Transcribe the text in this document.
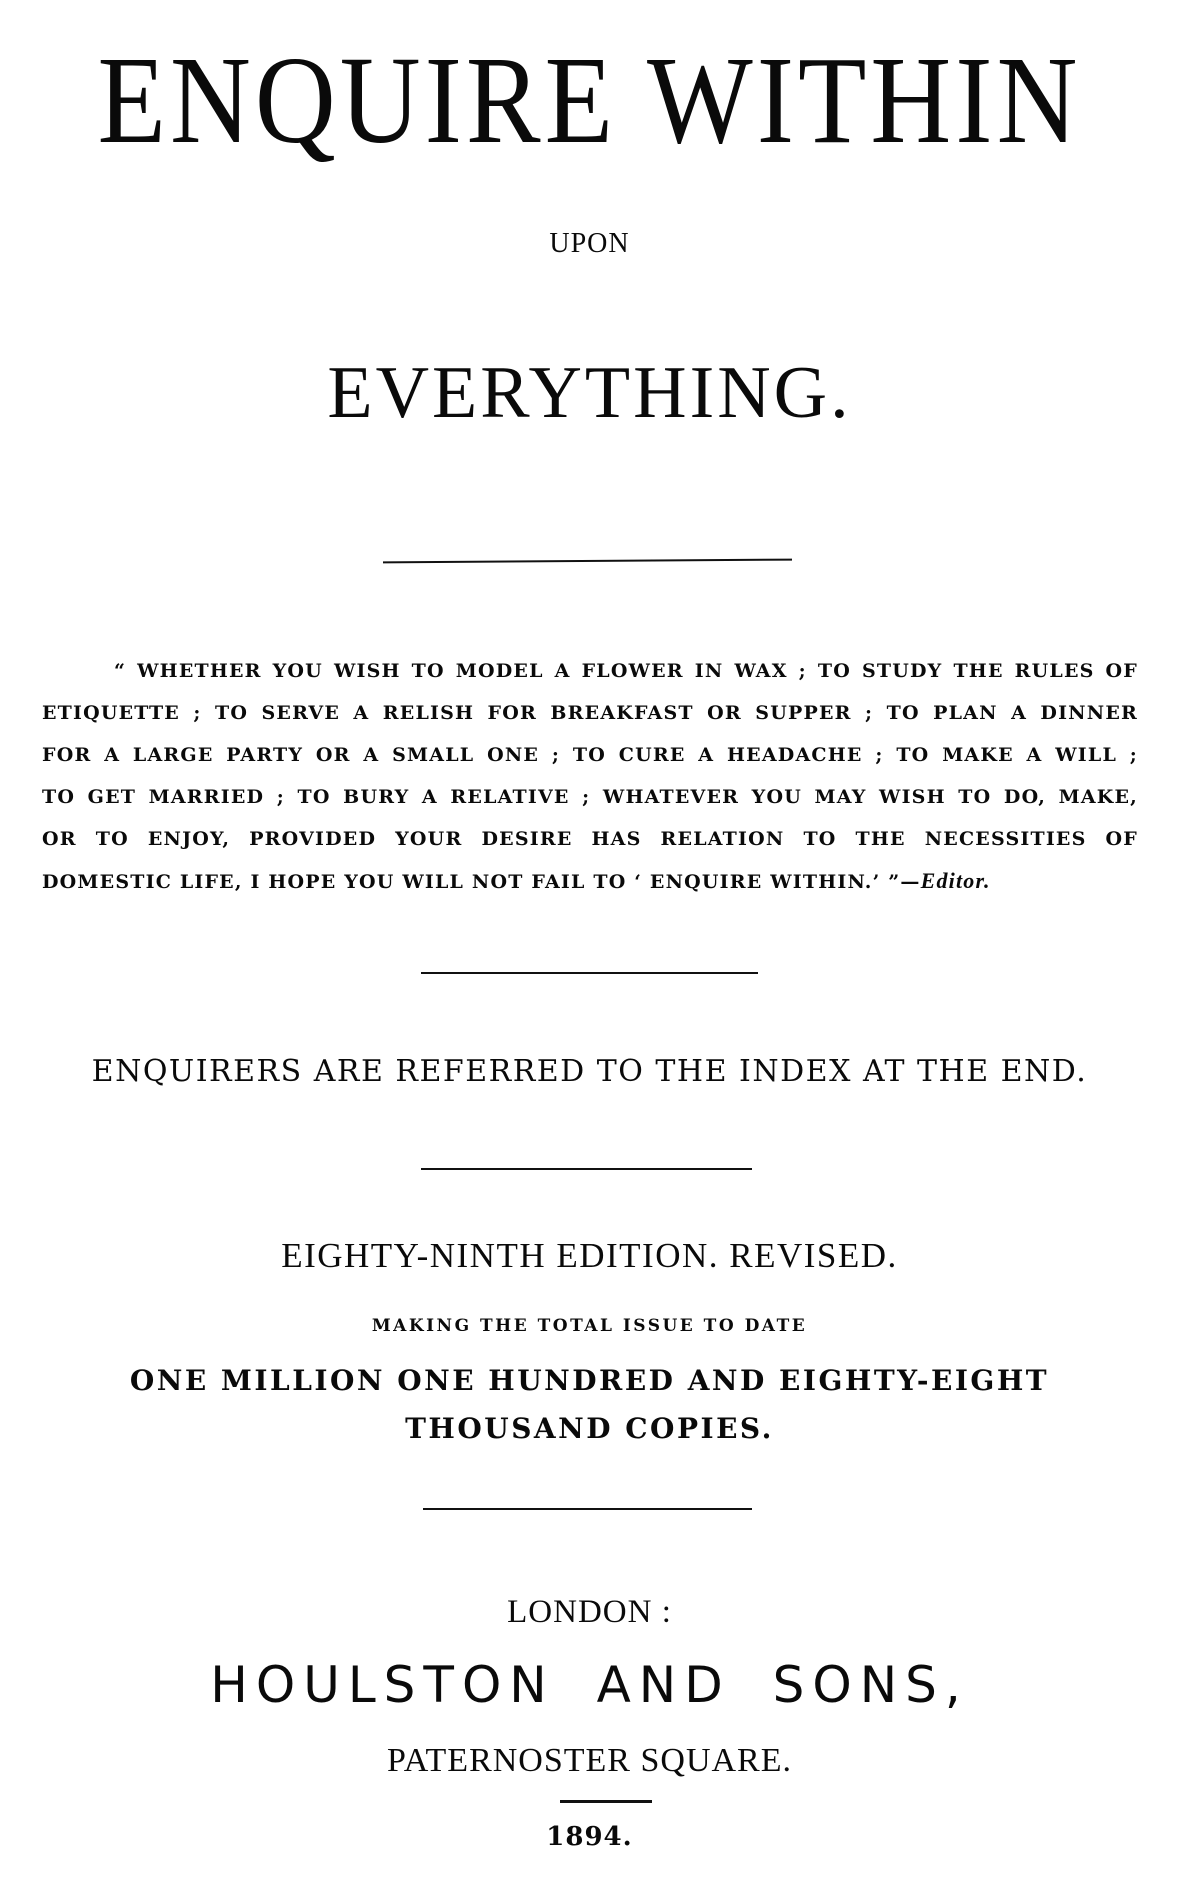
ENQUIRE WITHIN
UPON
EVERYTHING.
“ WHETHER YOU WISH TO MODEL A FLOWER IN WAX ; TO STUDY THE RULES OF
ETIQUETTE ; TO SERVE A RELISH FOR BREAKFAST OR SUPPER ; TO PLAN A DINNER
FOR A LARGE PARTY OR A SMALL ONE ; TO CURE A HEADACHE ; TO MAKE A WILL ;
TO GET MARRIED ; TO BURY A RELATIVE ; WHATEVER YOU MAY WISH TO DO, MAKE,
OR TO ENJOY, PROVIDED YOUR DESIRE HAS RELATION TO THE NECESSITIES OF
DOMESTIC LIFE, I HOPE YOU WILL NOT FAIL TO ‘ ENQUIRE WITHIN.’ ”—Editor.
ENQUIRERS ARE REFERRED TO THE INDEX AT THE END.
EIGHTY-NINTH EDITION. REVISED.
MAKING THE TOTAL ISSUE TO DATE
ONE MILLION ONE HUNDRED AND EIGHTY-EIGHT
THOUSAND COPIES.
LONDON :
HOULSTON AND SONS,
PATERNOSTER SQUARE.
1894.
